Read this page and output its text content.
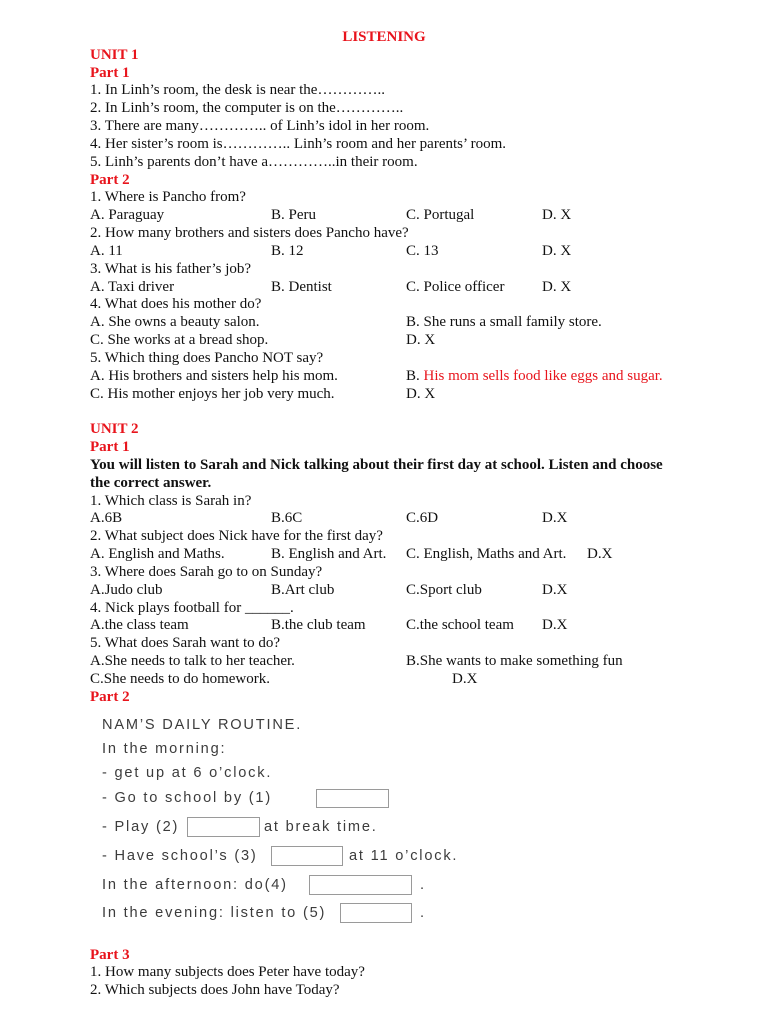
LISTENING
UNIT 1
Part 1
1. In Linh’s room, the desk is near the…………..
2. In Linh’s room, the computer is on the…………..
3. There are many………….. of Linh’s idol in her room.
4. Her sister’s room is………….. Linh’s room and her parents’ room.
5. Linh’s parents don’t have a…………..in their room.
Part 2
1. Where is Pancho from?
A. Paraguay	B. Peru	C. Portugal	D. X
2. How many brothers and sisters does Pancho have?
A. 11	B. 12	C. 13	D. X
3. What is his father’s job?
A. Taxi driver	B. Dentist	C. Police officer	D. X
4. What does his mother do?
A. She owns a beauty salon.	B. She runs a small family store.
C. She works at a bread shop.	D. X
5. Which thing does Pancho NOT say?
A. His brothers and sisters help his mom.	B. His mom sells food like eggs and sugar.
C. His mother enjoys her job very much.	D. X
UNIT 2
Part 1
You will listen to Sarah and Nick talking about their first day at school. Listen and choose the correct answer.
1. Which class is Sarah in?
A.6B	B.6C	C.6D	D.X
2. What subject does Nick have for the first day?
A. English and Maths.	B. English and Art. C. English, Maths and Art. D.X
3. Where does Sarah go to on Sunday?
A.Judo club	B.Art club	C.Sport club	D.X
4. Nick plays football for ______.
A.the class team	B.the club team	C.the school team D.X
5. What does Sarah want to do?
A.She needs to talk to her teacher.	B.She wants to make something fun
C.She needs to do homework.	D.X
Part 2
NAM’S DAILY ROUTINE.
In the morning:
- get up at 6 o’clock.
- Go to school by (1)
- Play (2)	at break time.
- Have school’s (3)	at 11 o’clock.
In the afternoon: do(4)	.
In the evening: listen to (5)	.
Part 3
1. How many subjects does Peter have today?
2. Which subjects does John have Today?
